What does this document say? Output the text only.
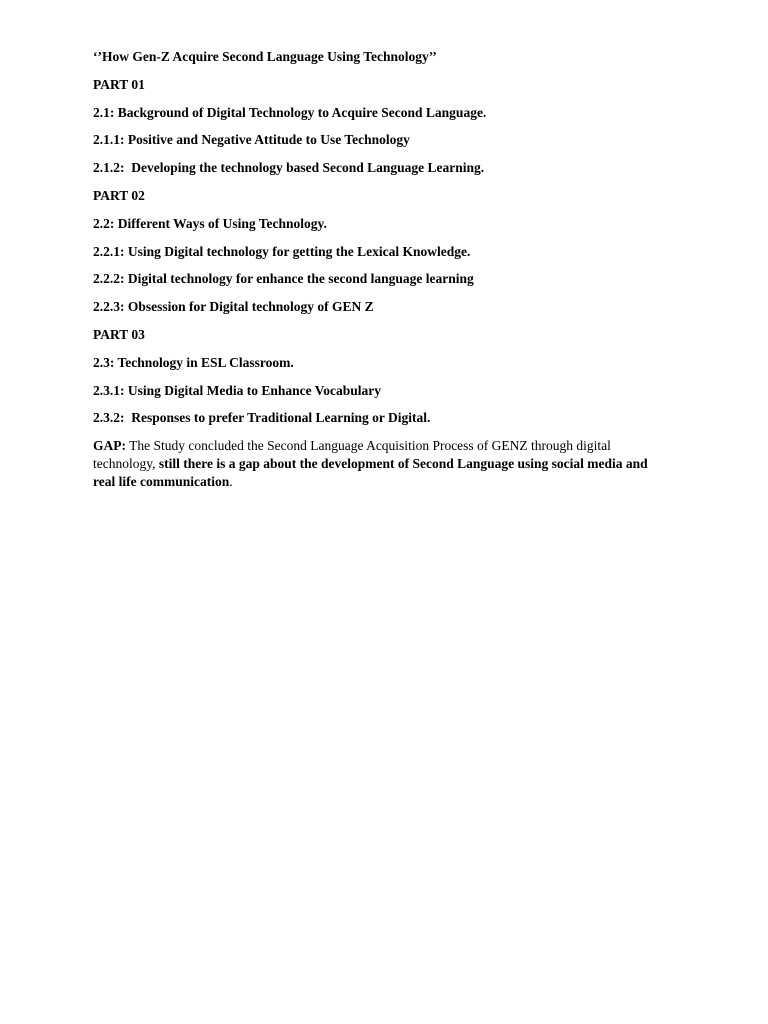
‘’How Gen-Z Acquire Second Language Using Technology’’
PART 01
2.1: Background of Digital Technology to Acquire Second Language.
2.1.1: Positive and Negative Attitude to Use Technology
2.1.2:  Developing the technology based Second Language Learning.
PART 02
2.2: Different Ways of Using Technology.
2.2.1: Using Digital technology for getting the Lexical Knowledge.
2.2.2: Digital technology for enhance the second language learning
2.2.3: Obsession for Digital technology of GEN Z
PART 03
2.3: Technology in ESL Classroom.
2.3.1: Using Digital Media to Enhance Vocabulary
2.3.2:  Responses to prefer Traditional Learning or Digital.

GAP: The Study concluded the Second Language Acquisition Process of GENZ through digital technology, still there is a gap about the development of Second Language using social media and real life communication.
